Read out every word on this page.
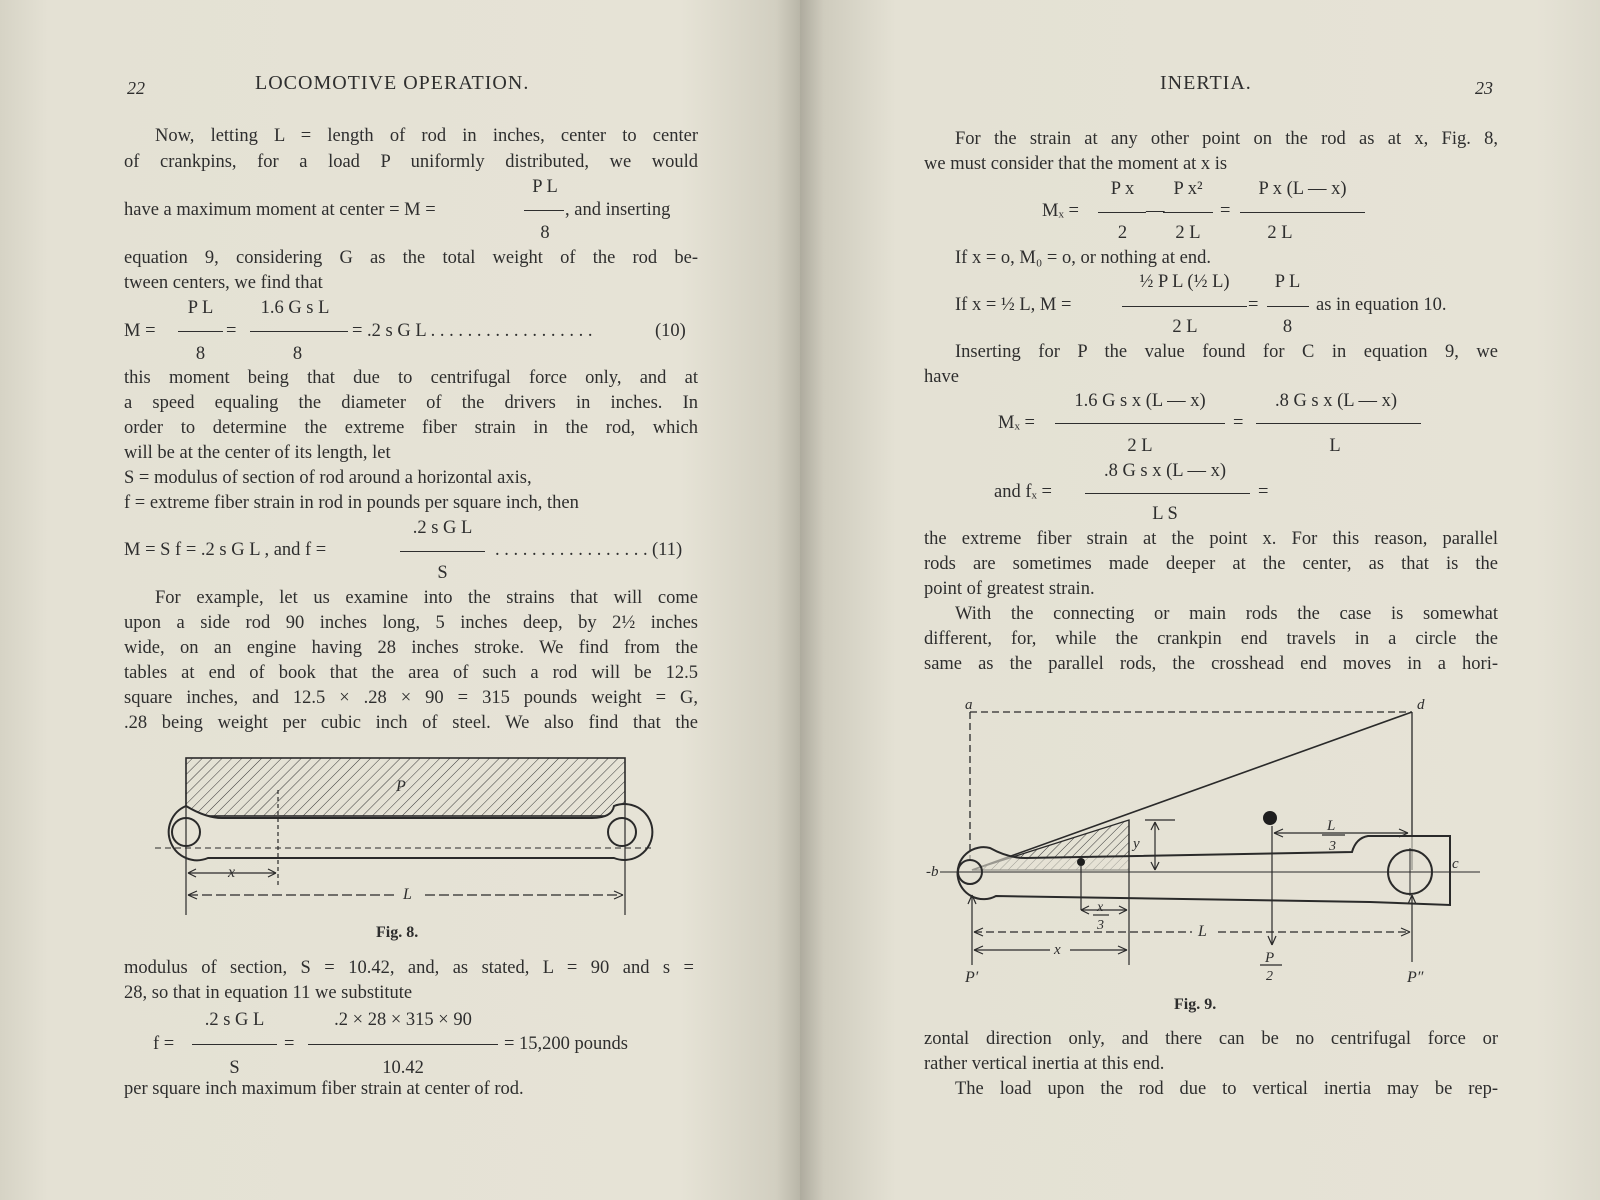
22	LOCOMOTIVE OPERATION.
Now, letting L = length of rod in inches, center to center
of crankpins, for a load P uniformly distributed, we would
P L
have a maximum moment at center = M =	, and inserting
8
equation 9, considering G as the total weight of the rod be-
tween centers, we find that
P L	1.6 G s L
M =	=	= .2 s G L . . . . . . . . . . . . . . . . . .	(10)
8	8
this moment being that due to centrifugal force only, and at
a speed equaling the diameter of the drivers in inches. In
order to determine the extreme fiber strain in the rod, which
will be at the center of its length, let
S = modulus of section of rod around a horizontal axis,
f = extreme fiber strain in rod in pounds per square inch, then
.2 s G L
M = S f = .2 s G L , and f =	. . . . . . . . . . . . . . . . . (11)
S
For example, let us examine into the strains that will come
upon a side rod 90 inches long, 5 inches deep, by 2½ inches
wide, on an engine having 28 inches stroke. We find from the
tables at end of book that the area of such a rod will be 12.5
square inches, and 12.5 × .28 × 90 = 315 pounds weight = G,
.28 being weight per cubic inch of steel. We also find that the
P
x
L
Fig. 8.
modulus of section, S = 10.42, and, as stated, L = 90 and s =
28, so that in equation 11 we substitute
.2 s G L	.2 × 28 × 315 × 90
f =	=	= 15,200 pounds
S	10.42
per square inch maximum fiber strain at center of rod.
INERTIA.	23
For the strain at any other point on the rod as at x, Fig. 8,
we must consider that the moment at x is
P x	P x²	P x (L — x)
Mₓ =	—	=
2	2 L	2 L
If x = o, M₀ = o, or nothing at end.
½ P L (½ L)	P L
If x = ½ L, M =	=	as in equation 10.
2 L	8
Inserting for P the value found for C in equation 9, we
have
1.6 G s x (L — x)	.8 G s x (L — x)
Mₓ =	=
2 L	L
.8 G s x (L — x)
and fₓ =	=
L S
the extreme fiber strain at the point x. For this reason, parallel
rods are sometimes made deeper at the center, as that is the
point of greatest strain.
With the connecting or main rods the case is somewhat
different, for, while the crankpin end travels in a circle the
same as the parallel rods, the crosshead end moves in a hori-
a	d
-b	c
y
L
3
x
3	L
x	P
2
P′	P″
Fig. 9.
zontal direction only, and there can be no centrifugal force or
rather vertical inertia at this end.
The load upon the rod due to vertical inertia may be rep-
